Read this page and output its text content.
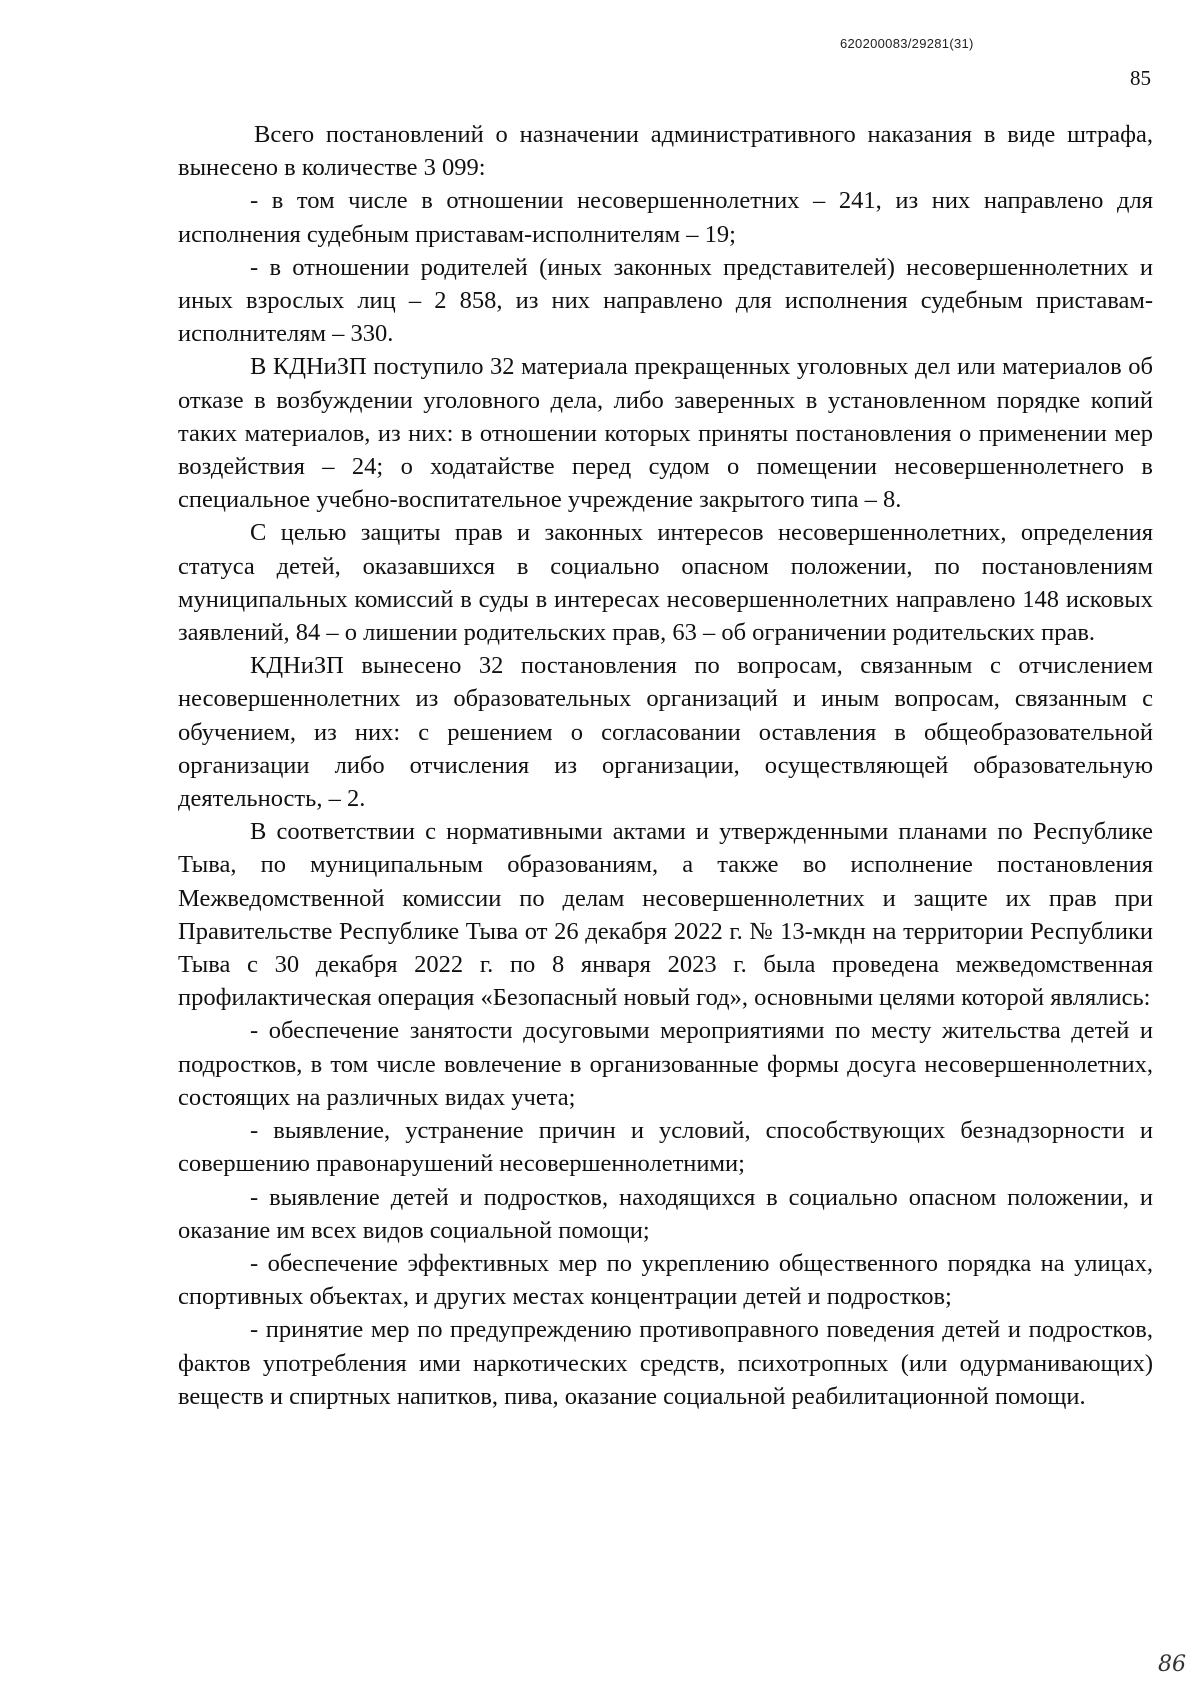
620200083/29281(31)
85

Всего постановлений о назначении административного наказания в виде штрафа, вынесено в количестве 3 099:

- в том числе в отношении несовершеннолетних – 241, из них направлено для исполнения судебным приставам-исполнителям – 19;

- в отношении родителей (иных законных представителей) несовершеннолетних и иных взрослых лиц – 2 858, из них направлено для исполнения судебным приставам-исполнителям – 330.

В КДНиЗП поступило 32 материала прекращенных уголовных дел или материалов об отказе в возбуждении уголовного дела, либо заверенных в установленном порядке копий таких материалов, из них: в отношении которых приняты постановления о применении мер воздействия – 24; о ходатайстве перед судом о помещении несовершеннолетнего в специальное учебно-воспитательное учреждение закрытого типа – 8.

С целью защиты прав и законных интересов несовершеннолетних, определения статуса детей, оказавшихся в социально опасном положении, по постановлениям муниципальных комиссий в суды в интересах несовершеннолетних направлено 148 исковых заявлений, 84 – о лишении родительских прав, 63 – об ограничении родительских прав.

КДНиЗП вынесено 32 постановления по вопросам, связанным с отчислением несовершеннолетних из образовательных организаций и иным вопросам, связанным с обучением, из них: с решением о согласовании оставления в общеобразовательной организации либо отчисления из организации, осуществляющей образовательную деятельность, – 2.

В соответствии с нормативными актами и утвержденными планами по Республике Тыва, по муниципальным образованиям, а также во исполнение постановления Межведомственной комиссии по делам несовершеннолетних и защите их прав при Правительстве Республике Тыва от 26 декабря 2022 г. № 13-мкдн на территории Республики Тыва с 30 декабря 2022 г. по 8 января 2023 г. была проведена межведомственная профилактическая операция «Безопасный новый год», основными целями которой являлись:

- обеспечение занятости досуговыми мероприятиями по месту жительства детей и подростков, в том числе вовлечение в организованные формы досуга несовершеннолетних, состоящих на различных видах учета;

- выявление, устранение причин и условий, способствующих безнадзорности и совершению правонарушений несовершеннолетними;

- выявление детей и подростков, находящихся в социально опасном положении, и оказание им всех видов социальной помощи;

- обеспечение эффективных мер по укреплению общественного порядка на улицах, спортивных объектах, и других местах концентрации детей и подростков;

- принятие мер по предупреждению противоправного поведения детей и подростков, фактов употребления ими наркотических средств, психотропных (или одурманивающих) веществ и спиртных напитков, пива, оказание социальной реабилитационной помощи.

86
